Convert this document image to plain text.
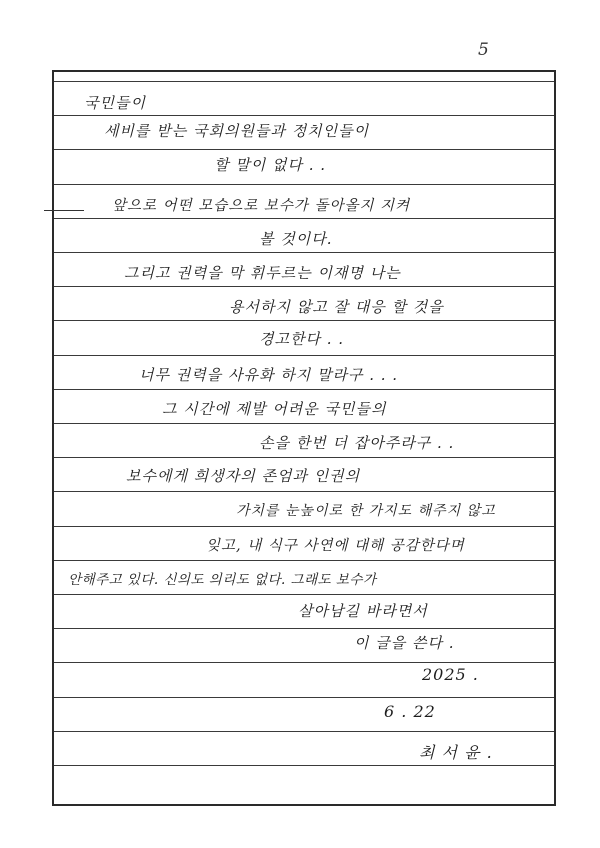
5
국민들이
세비를 받는 국회의원들과 정치인들이
할 말이 없다 . .
앞으로 어떤 모습으로 보수가 돌아올지 지켜
볼 것이다.
그리고 권력을 막 휘두르는 이재명 나는
용서하지 않고 잘 대응 할 것을
경고한다 . .
너무 권력을 사유화 하지 말라구 . . .
그 시간에 제발 어려운 국민들의
손을 한번 더 잡아주라구 . .
보수에게 희생자의 존엄과 인권의
가치를 눈높이로 한 가지도 해주지 않고
잊고, 내 식구 사연에 대해 공감한다며
안해주고 있다. 신의도 의리도 없다. 그래도 보수가
살아남길 바라면서
이 글을 쓴다 .
2025 .
6 . 22
최 서 윤 .
